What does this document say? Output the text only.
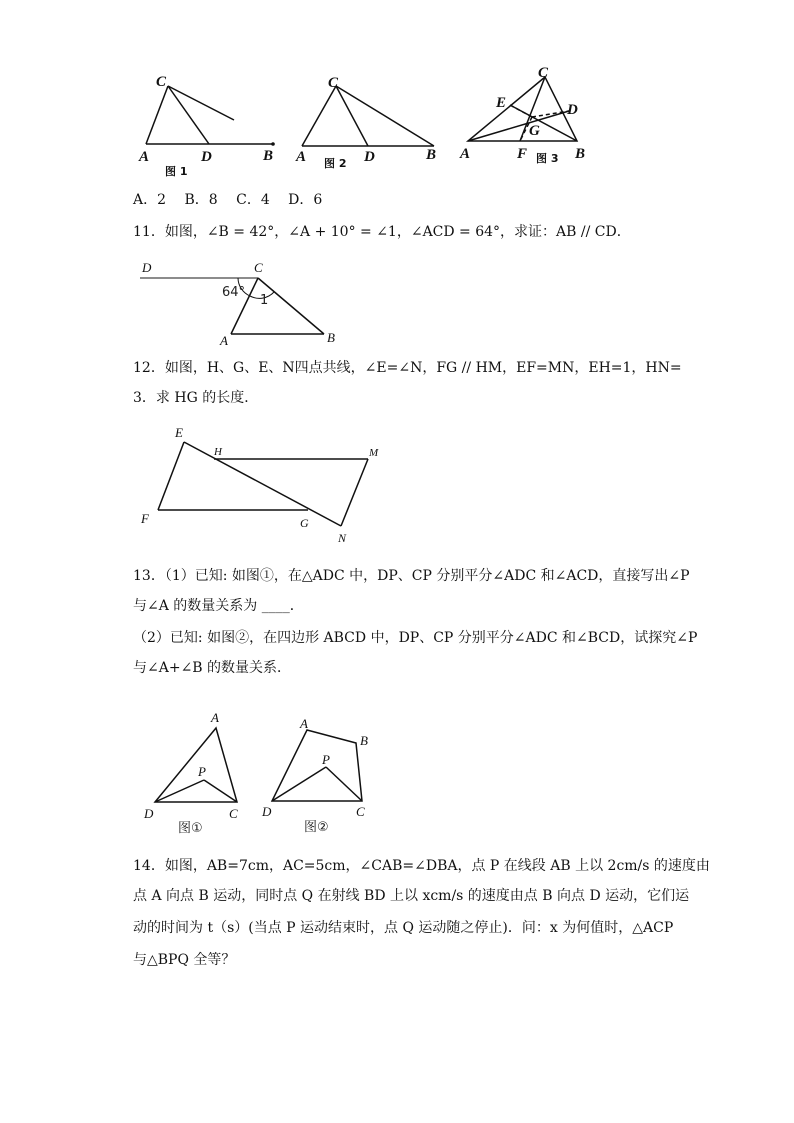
C
A	D	B
图 1
C
A	D	B
图 2
C
E	D
G
A	F	B
图 3
A．2　 B．8　 C．4　 D．6
11．如图，∠B = 42°，∠A + 10° = ∠1，∠ACD = 64°，求证：AB // CD．
D	C
64°
1
A	B
12．如图，H、G、E、N四点共线，∠E=∠N，FG // HM，EF=MN，EH=1，HN=
3．求 HG 的长度．
E
H	M
F	G
N
13．（1）已知: 如图①，在△ADC 中，DP、CP 分别平分∠ADC 和∠ACD，直接写出∠P
与∠A 的数量关系为 ____．
（2）已知: 如图②，在四边形 ABCD 中，DP、CP 分别平分∠ADC 和∠BCD，试探究∠P
与∠A+∠B 的数量关系．
A
P
D	C
图①
A
B
P
D	C
图②
14．如图，AB=7cm，AC=5cm，∠CAB=∠DBA，点 P 在线段 AB 上以 2cm/s 的速度由
点 A 向点 B 运动，同时点 Q 在射线 BD 上以 xcm/s 的速度由点 B 向点 D 运动，它们运
动的时间为 t（s）(当点 P 运动结束时，点 Q 运动随之停止)．问：x 为何值时，△ACP
与△BPQ 全等？
